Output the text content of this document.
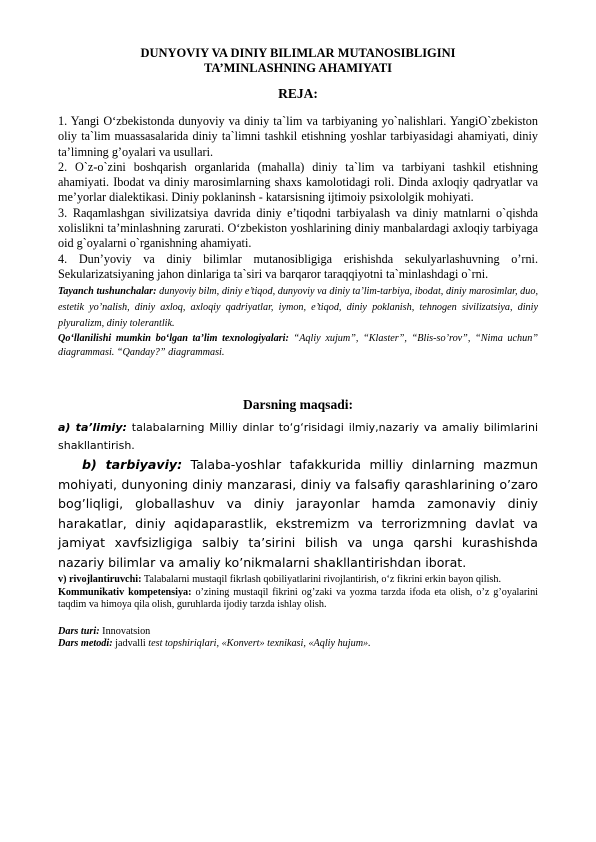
DUNYOVIY VA DINIY BILIMLAR MUTANOSIBLIGINI

TA’MINLASHNING AHAMIYATI

REJA:

1. Yangi O‘zbekistonda dunyoviy va diniy ta`lim va tarbiyaning yo`nalishlari. YangiO`zbekiston oliy ta`lim muassasalarida diniy ta`limni tashkil etishning yoshlar tarbiyasidagi ahamiyati, diniy ta’limning g’oyalari va usullari.

2. O`z-o`zini boshqarish organlarida (mahalla) diniy ta`lim va tarbiyani tashkil etishning ahamiyati. Ibodat va diniy marosimlarning shaxs kamolotidagi roli. Dinda axloqiy qadryatlar va me’yorlar dialektikasi. Diniy poklaninsh - katarsisning ijtimoiy psixololgik mohiyati.

3. Raqamlashgan sivilizatsiya davrida diniy e’tiqodni tarbiyalash va diniy matnlarni o`qishda xolislikni ta’minlashning zarurati. O‘zbekiston yoshlarining diniy manbalardagi axloqiy tarbiyaga oid g`oyalarni o`rganishning ahamiyati.

4. Dun’yoviy va diniy bilimlar mutanosibligiga erishishda sekulyarlashuvning o’rni. Sekularizatsiyaning jahon dinlariga ta`siri va barqaror taraqqiyotni ta`minlashdagi o`rni.

Tayanch tushunchalar: dunyoviy bilm, diniy e’tiqod, dunyoviy va diniy ta’lim-tarbiya, ibodat, diniy marosimlar, duo, estetik yo’nalish, diniy axloq, axloqiy qadriyatlar, iymon, e’tiqod, diniy poklanish, tehnogen sivilizatsiya, diniy plyuralizm, diniy tolerantlik.

Qo‘llanilishi mumkin bo‘lgan ta’lim texnologiyalari: “Aqliy xujum”, “Klaster”, “Blis-so’rov”, “Nima uchun” diagrammasi. “Qanday?” diagrammasi.

Darsning maqsadi:

a) ta’limiy: talabalarning Milliy dinlar to‘g‘risidagi ilmiy,nazariy va amaliy bilimlarini shakllantirish.

b) tarbiyaviy: Talaba-yoshlar tafakkurida milliy dinlarning mazmun mohiyati, dunyoning diniy manzarasi, diniy va falsafiy qarashlarining o’zaro bog’liqligi, globallashuv va diniy jarayonlar hamda zamonaviy diniy harakatlar, diniy aqidaparastlik, ekstremizm va terrorizmning davlat va jamiyat xavfsizligiga salbiy ta’sirini bilish va unga qarshi kurashishda nazariy bilimlar va amaliy ko’nikmalarni shakllantirishdan iborat.

v) rivojlantiruvchi: Talabalarni mustaqil fikrlash qobiliyatlarini rivojlantirish, o‘z fikrini erkin bayon qilish.

Kommunikativ kompetensiya: o’zining mustaqil fikrini og’zaki va yozma tarzda ifoda eta olish, o’z g’oyalarini taqdim va himoya qila olish, guruhlarda ijodiy tarzda ishlay olish.

Dars turi: Innovatsion

Dars metodi: jadvalli test topshiriqlari, «Konvert» texnikasi, «Aqliy hujum».
